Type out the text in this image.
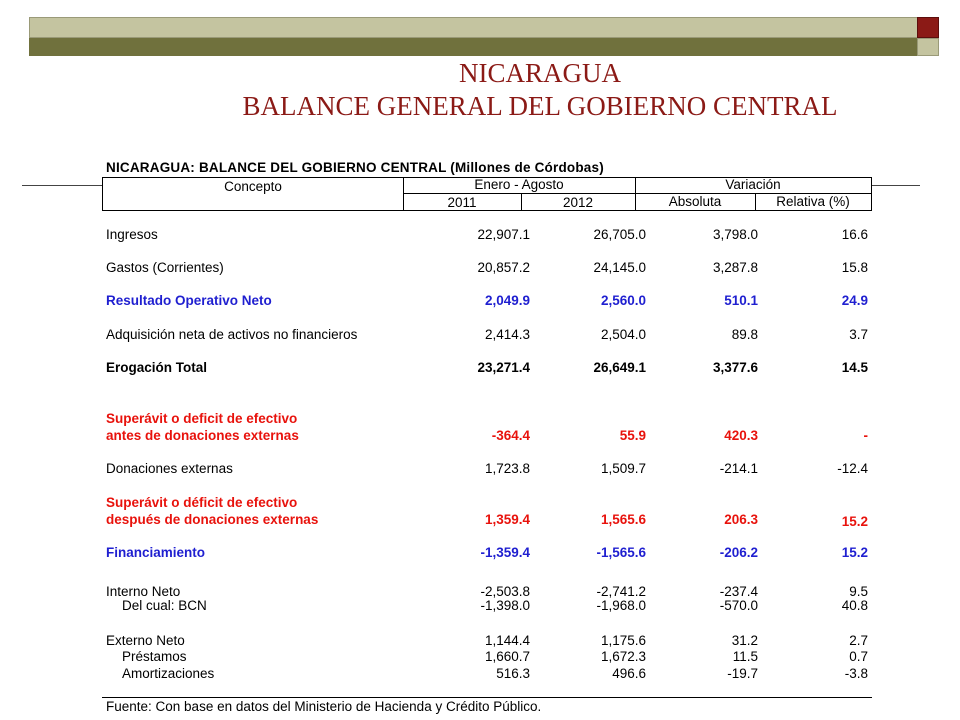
NICARAGUA
BALANCE GENERAL DEL GOBIERNO CENTRAL
NICARAGUA: BALANCE DEL GOBIERNO CENTRAL (Millones de Córdobas)
Concepto	Enero - Agosto
2011	2012
Variación
Absoluta	Relativa (%)
Ingresos	22,907.1	26,705.0	3,798.0	16.6
Gastos (Corrientes)	20,857.2	24,145.0	3,287.8	15.8
Resultado Operativo Neto	2,049.9	2,560.0	510.1	24.9
Adquisición neta de activos no financieros	2,414.3	2,504.0	89.8	3.7
Erogación Total	23,271.4	26,649.1	3,377.6	14.5
Superávit o deficit de efectivo
antes de donaciones externas	-364.4	55.9	420.3	-
Donaciones externas	1,723.8	1,509.7	-214.1	-12.4
Superávit o déficit de efectivo
después de donaciones externas	1,359.4	1,565.6	206.3	15.2
Financiamiento	-1,359.4	-1,565.6	-206.2	15.2
Interno Neto	-2,503.8	-2,741.2	-237.4	9.5
Del cual: BCN	-1,398.0	-1,968.0	-570.0	40.8
Externo Neto	1,144.4	1,175.6	31.2	2.7
Préstamos	1,660.7	1,672.3	11.5	0.7
Amortizaciones	516.3	496.6	-19.7	-3.8
Fuente: Con base en datos del Ministerio de Hacienda y Crédito Público.
